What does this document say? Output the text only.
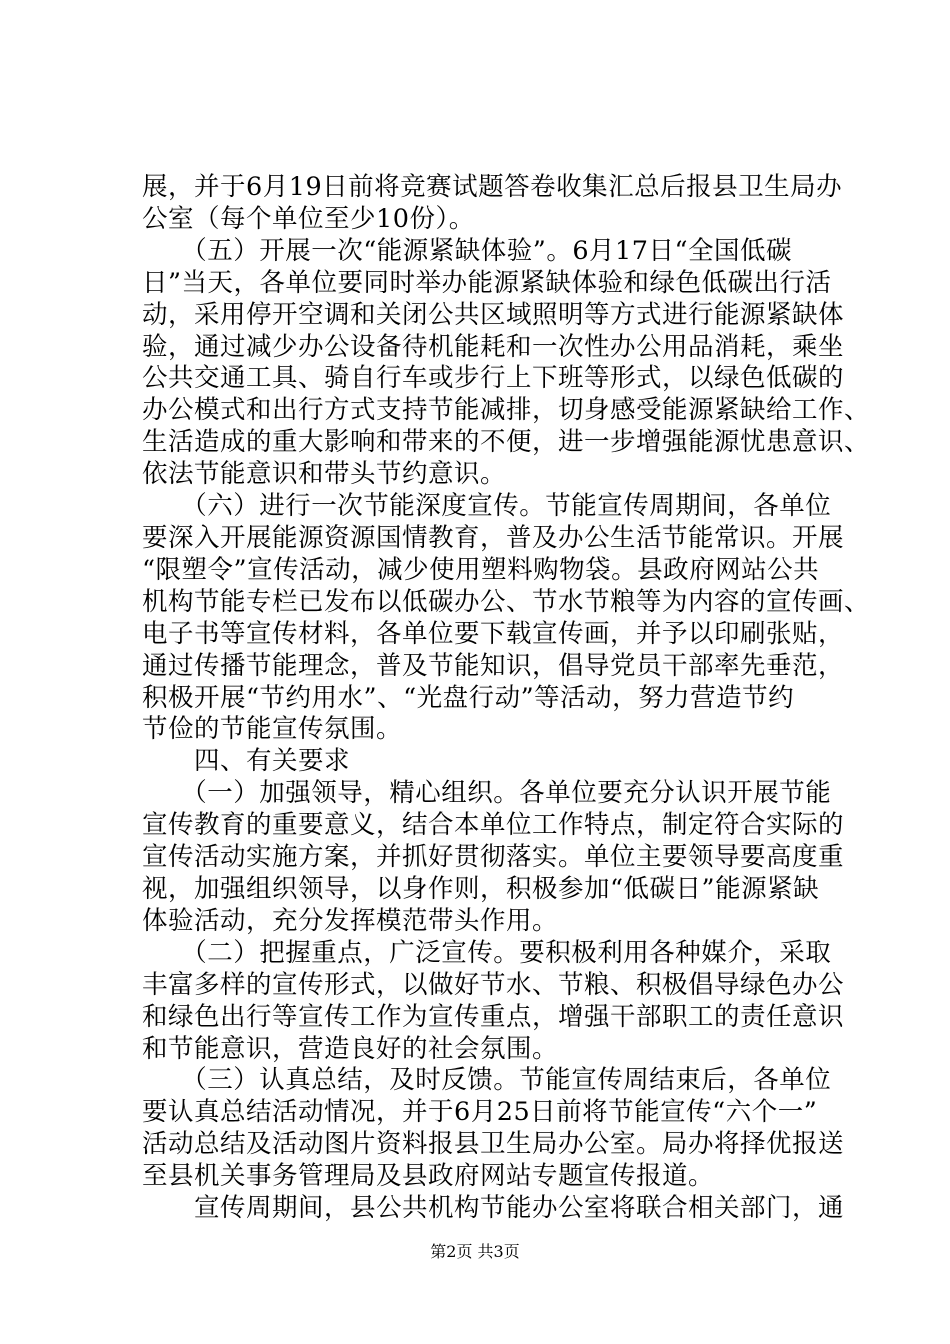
展，并于6月19日前将竞赛试题答卷收集汇总后报县卫生局办
公室（每个单位至少10份）。
　　（五）开展一次“能源紧缺体验”。6月17日“全国低碳
日”当天，各单位要同时举办能源紧缺体验和绿色低碳出行活
动，采用停开空调和关闭公共区域照明等方式进行能源紧缺体
验，通过减少办公设备待机能耗和一次性办公用品消耗，乘坐
公共交通工具、骑自行车或步行上下班等形式，以绿色低碳的
办公模式和出行方式支持节能减排，切身感受能源紧缺给工作、
生活造成的重大影响和带来的不便，进一步增强能源忧患意识、
依法节能意识和带头节约意识。
　　（六）进行一次节能深度宣传。节能宣传周期间，各单位
要深入开展能源资源国情教育，普及办公生活节能常识。开展
“限塑令”宣传活动，减少使用塑料购物袋。县政府网站公共
机构节能专栏已发布以低碳办公、节水节粮等为内容的宣传画、
电子书等宣传材料，各单位要下载宣传画，并予以印刷张贴，
通过传播节能理念，普及节能知识，倡导党员干部率先垂范，
积极开展“节约用水”、“光盘行动”等活动，努力营造节约
节俭的节能宣传氛围。
　　四、有关要求
　　（一）加强领导，精心组织。各单位要充分认识开展节能
宣传教育的重要意义，结合本单位工作特点，制定符合实际的
宣传活动实施方案，并抓好贯彻落实。单位主要领导要高度重
视，加强组织领导，以身作则，积极参加“低碳日”能源紧缺
体验活动，充分发挥模范带头作用。
　　（二）把握重点，广泛宣传。要积极利用各种媒介，采取
丰富多样的宣传形式，以做好节水、节粮、积极倡导绿色办公
和绿色出行等宣传工作为宣传重点，增强干部职工的责任意识
和节能意识，营造良好的社会氛围。
　　（三）认真总结，及时反馈。节能宣传周结束后，各单位
要认真总结活动情况，并于6月25日前将节能宣传“六个一”
活动总结及活动图片资料报县卫生局办公室。局办将择优报送
至县机关事务管理局及县政府网站专题宣传报道。
　　宣传周期间，县公共机构节能办公室将联合相关部门，通
第2页 共3页
